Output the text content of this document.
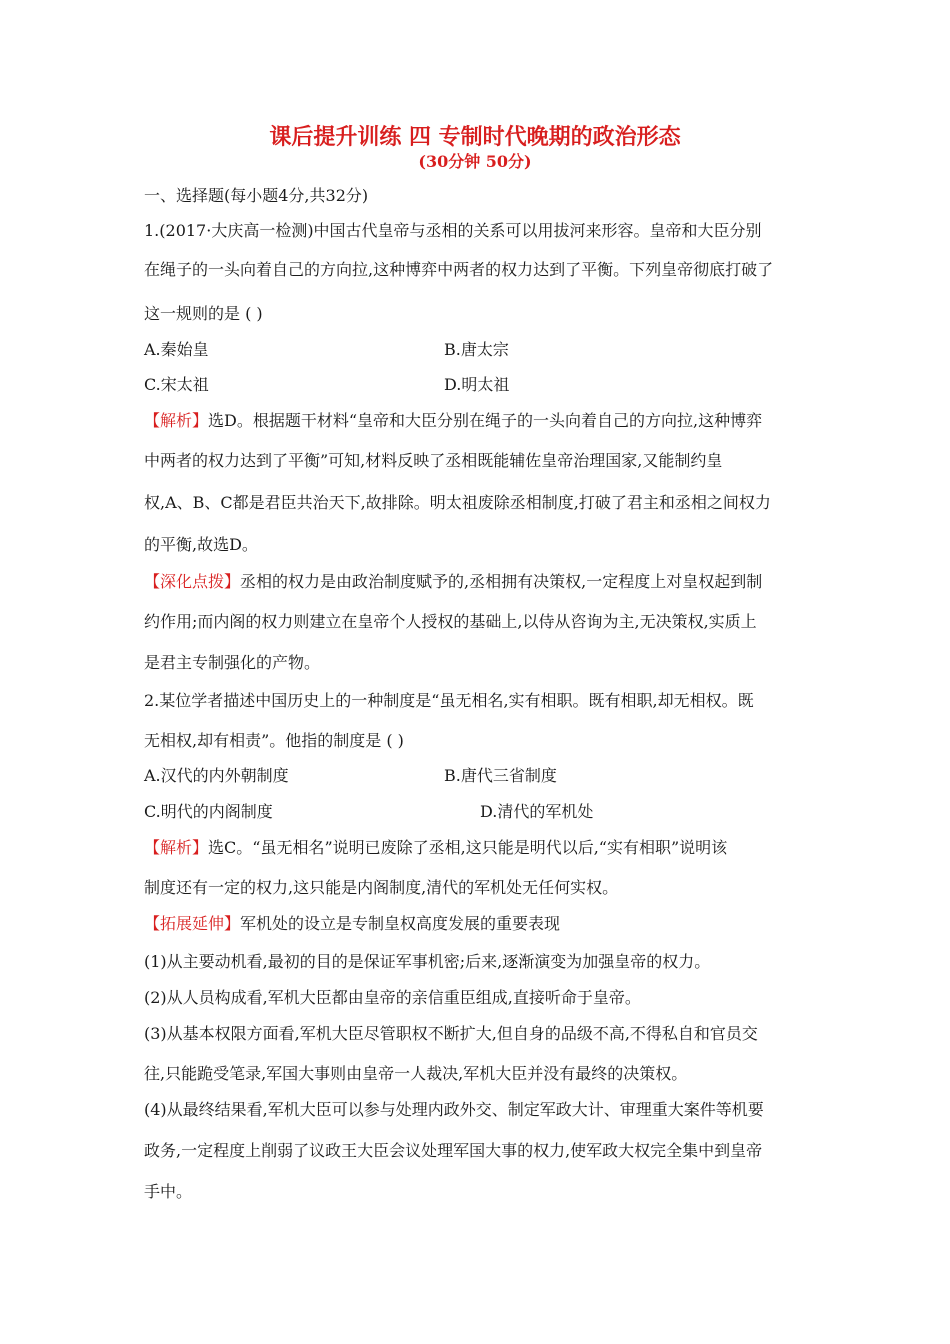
课后提升训练 四 专制时代晚期的政治形态
(30分钟 50分)
一、选择题(每小题4分,共32分)
1.(2017·大庆高一检测)中国古代皇帝与丞相的关系可以用拔河来形容。皇帝和大臣分别
在绳子的一头向着自己的方向拉,这种博弈中两者的权力达到了平衡。下列皇帝彻底打破了
这一规则的是 ( )
A.秦始皇	B.唐太宗
C.宋太祖	D.明太祖
【解析】选D。根据题干材料“皇帝和大臣分别在绳子的一头向着自己的方向拉,这种博弈
中两者的权力达到了平衡”可知,材料反映了丞相既能辅佐皇帝治理国家,又能制约皇
权,A、B、C都是君臣共治天下,故排除。明太祖废除丞相制度,打破了君主和丞相之间权力
的平衡,故选D。
【深化点拨】丞相的权力是由政治制度赋予的,丞相拥有决策权,一定程度上对皇权起到制
约作用;而内阁的权力则建立在皇帝个人授权的基础上,以侍从咨询为主,无决策权,实质上
是君主专制强化的产物。
2.某位学者描述中国历史上的一种制度是“虽无相名,实有相职。既有相职,却无相权。既
无相权,却有相责”。他指的制度是 ( )
A.汉代的内外朝制度	B.唐代三省制度
C.明代的内阁制度	D.清代的军机处
【解析】选C。“虽无相名”说明已废除了丞相,这只能是明代以后,“实有相职”说明该
制度还有一定的权力,这只能是内阁制度,清代的军机处无任何实权。
【拓展延伸】军机处的设立是专制皇权高度发展的重要表现
(1)从主要动机看,最初的目的是保证军事机密;后来,逐渐演变为加强皇帝的权力。
(2)从人员构成看,军机大臣都由皇帝的亲信重臣组成,直接听命于皇帝。
(3)从基本权限方面看,军机大臣尽管职权不断扩大,但自身的品级不高,不得私自和官员交
往,只能跪受笔录,军国大事则由皇帝一人裁决,军机大臣并没有最终的决策权。
(4)从最终结果看,军机大臣可以参与处理内政外交、制定军政大计、审理重大案件等机要
政务,一定程度上削弱了议政王大臣会议处理军国大事的权力,使军政大权完全集中到皇帝
手中。
